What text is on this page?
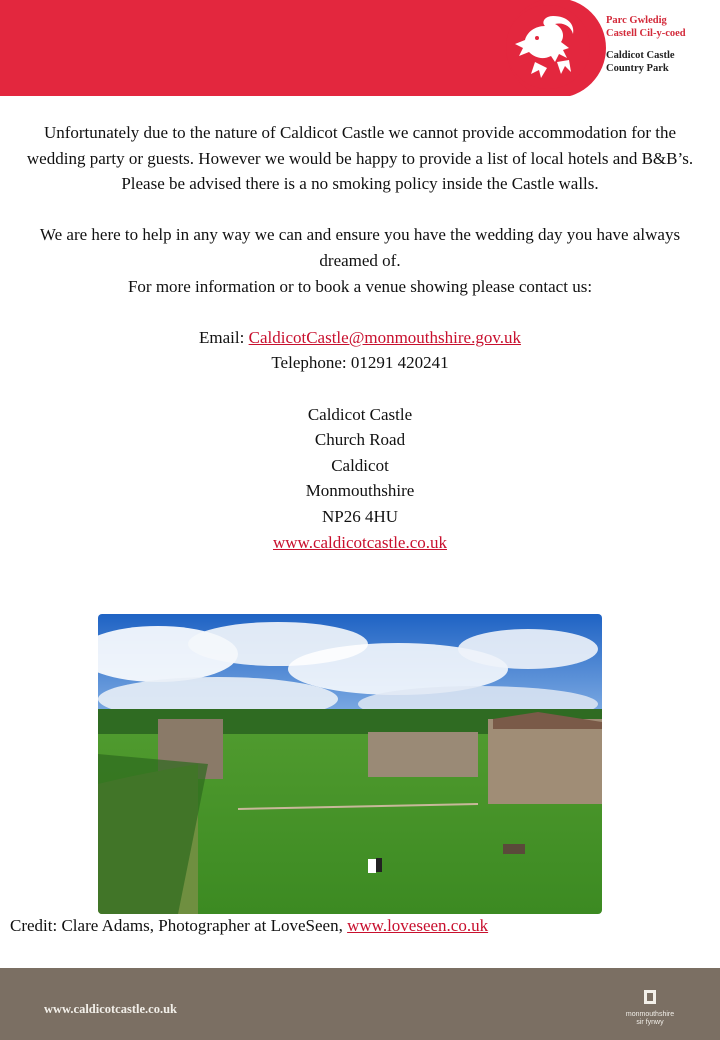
Parc Gwledig
Castell Cil-y-coed
Caldicot Castle
Country Park

Unfortunately due to the nature of Caldicot Castle we cannot provide accommodation for the wedding party or guests. However we would be happy to provide a list of local hotels and B&B’s.

Please be advised there is a no smoking policy inside the Castle walls.

We are here to help in any way we can and ensure you have the wedding day you have always dreamed of.

For more information or to book a venue showing please contact us:

Email: CaldicotCastle@monmouthshire.gov.uk

Telephone: 01291 420241

Caldicot Castle

Church Road

Caldicot

Monmouthshire

NP26 4HU

www.caldicotcastle.co.uk

Credit: Clare Adams, Photographer at LoveSeen, www.loveseen.co.uk
www.caldicotcastle.co.uk	monmouthshire
sir fynwy
